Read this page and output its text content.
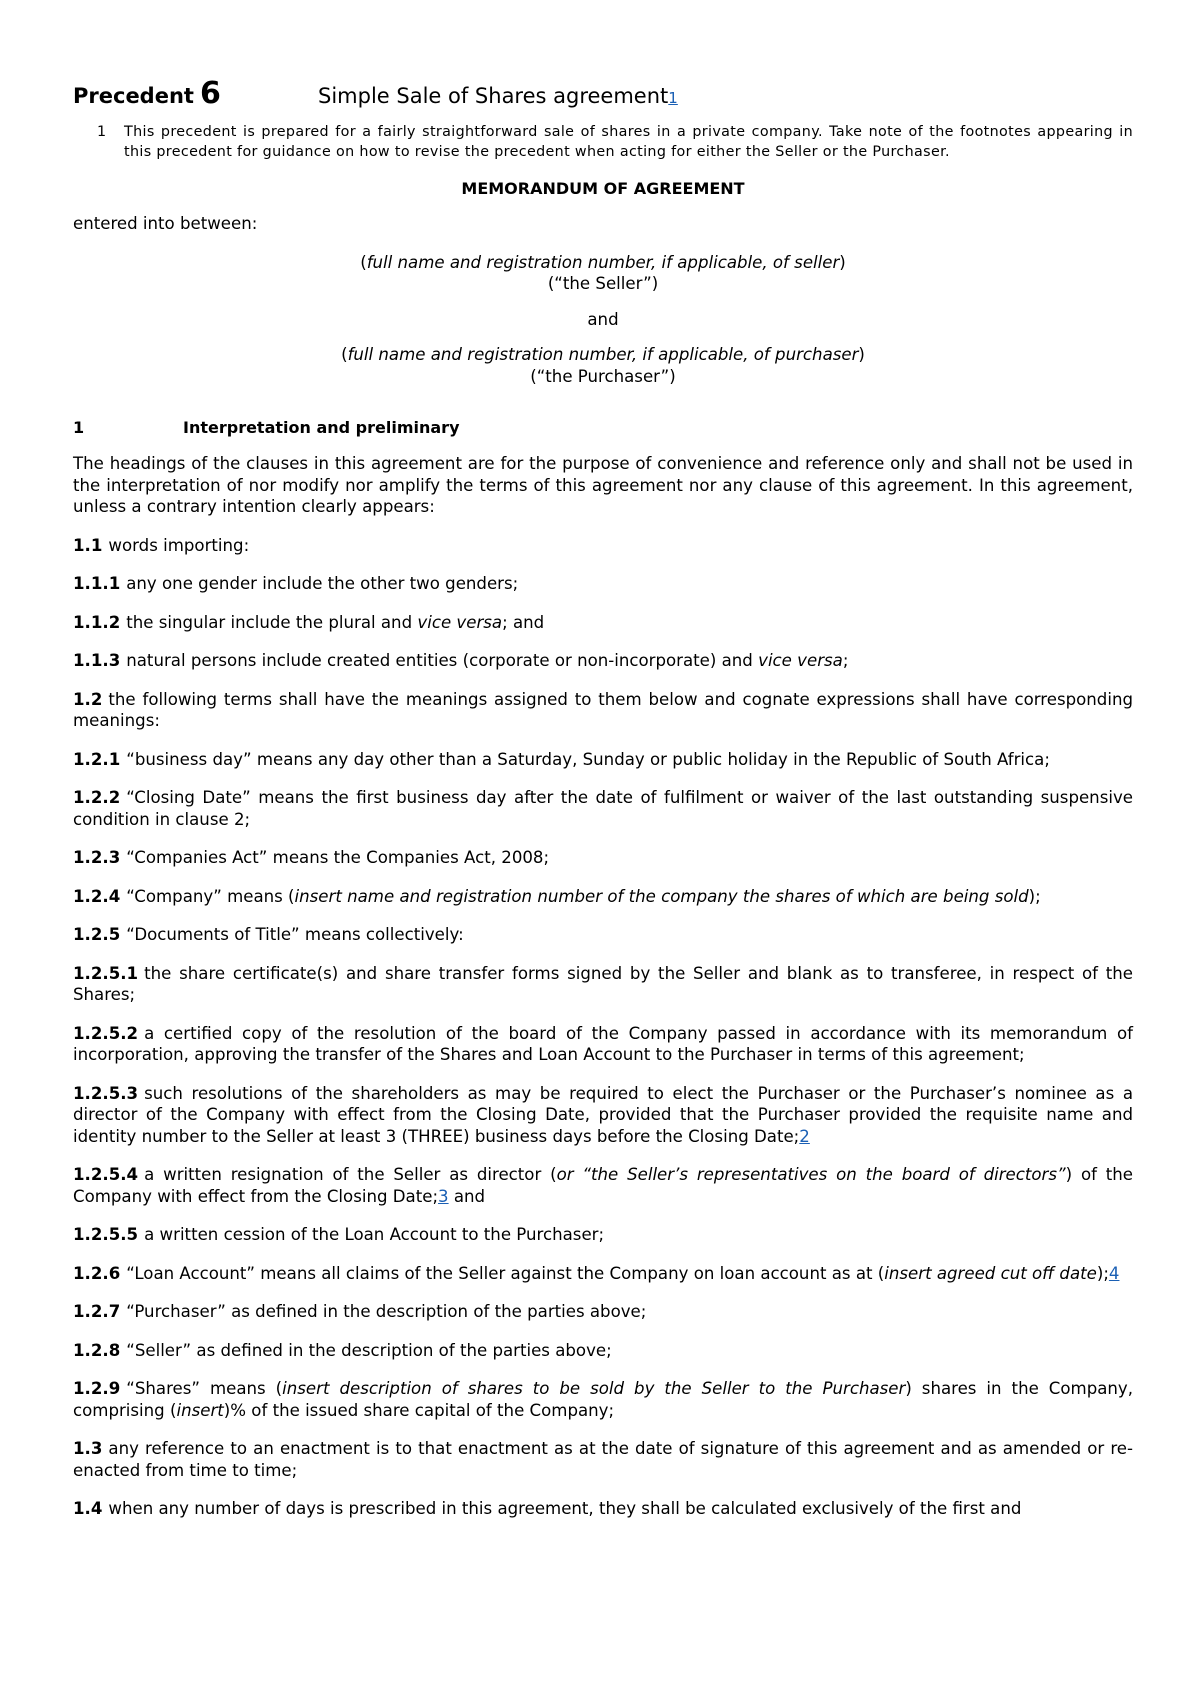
Precedent 6	Simple Sale of Shares agreement1
1	This precedent is prepared for a fairly straightforward sale of shares in a private company. Take note of the footnotes appearing in this precedent for guidance on how to revise the precedent when acting for either the Seller or the Purchaser.
MEMORANDUM OF AGREEMENT

entered into between:

(full name and registration number, if applicable, of seller)
(“the Seller”)
and
(full name and registration number, if applicable, of purchaser)
(“the Purchaser”)
1	Interpretation and preliminary

The headings of the clauses in this agreement are for the purpose of convenience and reference only and shall not be used in the interpretation of nor modify nor amplify the terms of this agreement nor any clause of this agreement. In this agreement, unless a contrary intention clearly appears:

1.1 words importing:

1.1.1 any one gender include the other two genders;

1.1.2 the singular include the plural and vice versa; and

1.1.3 natural persons include created entities (corporate or non-incorporate) and vice versa;

1.2 the following terms shall have the meanings assigned to them below and cognate expressions shall have corresponding meanings:

1.2.1 “business day” means any day other than a Saturday, Sunday or public holiday in the Republic of South Africa;

1.2.2 “Closing Date” means the first business day after the date of fulfilment or waiver of the last outstanding suspensive condition in clause 2;

1.2.3 “Companies Act” means the Companies Act, 2008;

1.2.4 “Company” means (insert name and registration number of the company the shares of which are being sold);

1.2.5 “Documents of Title” means collectively:

1.2.5.1 the share certificate(s) and share transfer forms signed by the Seller and blank as to transferee, in respect of the Shares;

1.2.5.2 a certified copy of the resolution of the board of the Company passed in accordance with its memorandum of incorporation, approving the transfer of the Shares and Loan Account to the Purchaser in terms of this agreement;

1.2.5.3 such resolutions of the shareholders as may be required to elect the Purchaser or the Purchaser’s nominee as a director of the Company with effect from the Closing Date, provided that the Purchaser provided the requisite name and identity number to the Seller at least 3 (THREE) business days before the Closing Date;2

1.2.5.4 a written resignation of the Seller as director (or “the Seller’s representatives on the board of directors”) of the Company with effect from the Closing Date;3 and

1.2.5.5 a written cession of the Loan Account to the Purchaser;

1.2.6 “Loan Account” means all claims of the Seller against the Company on loan account as at (insert agreed cut off date);4

1.2.7 “Purchaser” as defined in the description of the parties above;

1.2.8 “Seller” as defined in the description of the parties above;

1.2.9 “Shares” means (insert description of shares to be sold by the Seller to the Purchaser) shares in the Company, comprising (insert)% of the issued share capital of the Company;

1.3 any reference to an enactment is to that enactment as at the date of signature of this agreement and as amended or re-enacted from time to time;

1.4 when any number of days is prescribed in this agreement, they shall be calculated exclusively of the first and
